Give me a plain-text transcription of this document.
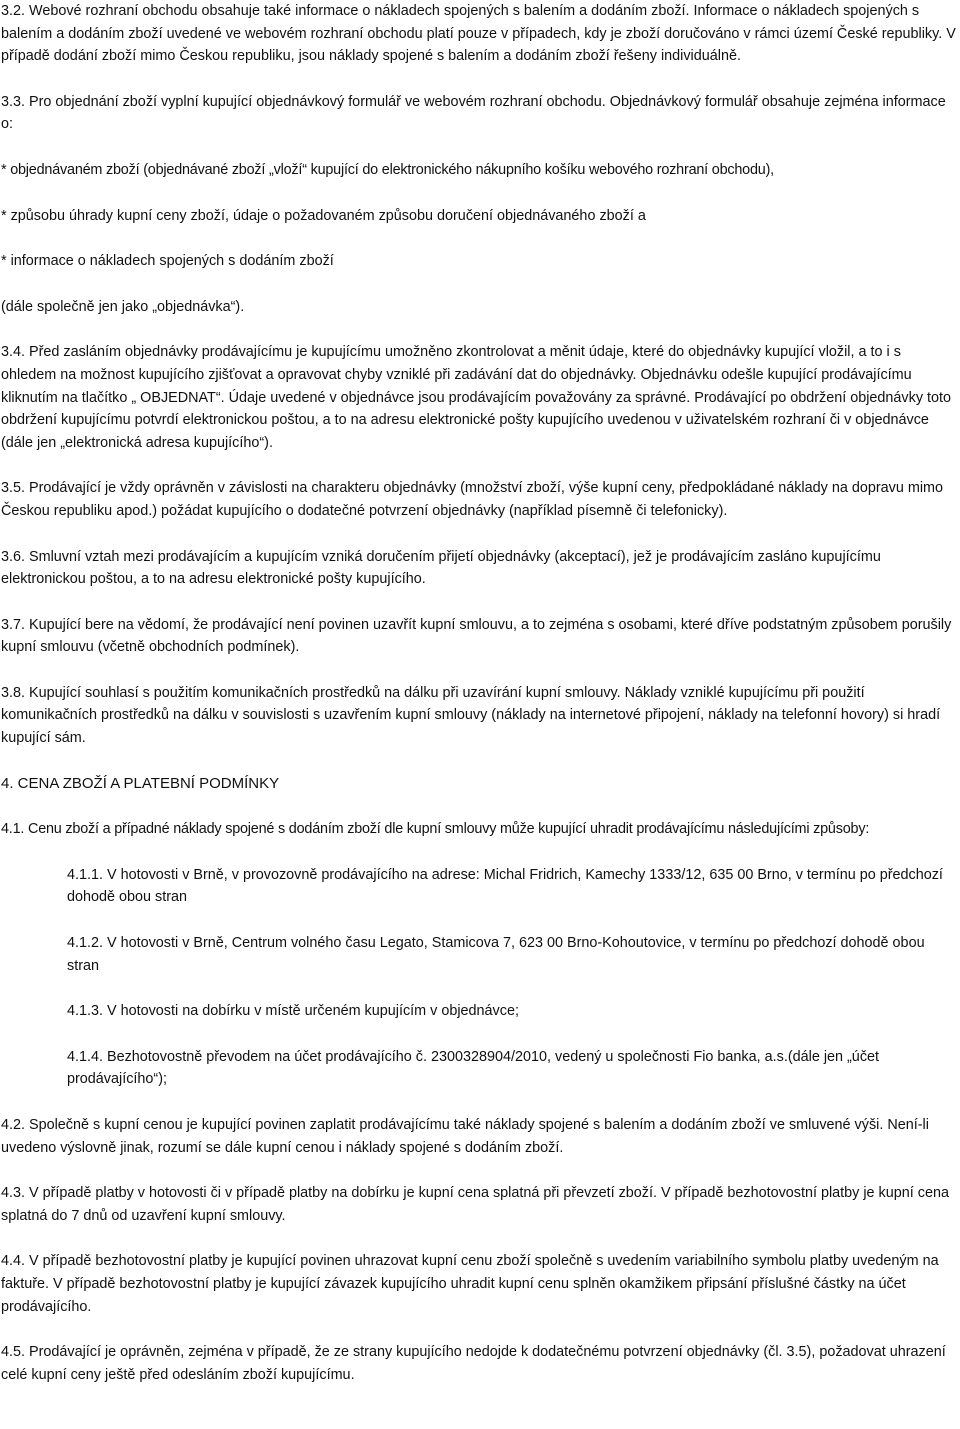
3.2. Webové rozhraní obchodu obsahuje také informace o nákladech spojených s balením a dodáním zboží. Informace o nákladech spojených s balením a dodáním zboží uvedené ve webovém rozhraní obchodu platí pouze v případech, kdy je zboží doručováno v rámci území České republiky. V případě dodání zboží mimo Českou republiku, jsou náklady spojené s balením a dodáním zboží řešeny individuálně.

3.3. Pro objednání zboží vyplní kupující objednávkový formulář ve webovém rozhraní obchodu. Objednávkový formulář obsahuje zejména informace o:

* objednávaném zboží (objednávané zboží „vloží“ kupující do elektronického nákupního košíku webového rozhraní obchodu),

* způsobu úhrady kupní ceny zboží, údaje o požadovaném způsobu doručení objednávaného zboží a

* informace o nákladech spojených s dodáním zboží

(dále společně jen jako „objednávka“).

3.4. Před zasláním objednávky prodávajícímu je kupujícímu umožněno zkontrolovat a měnit údaje, které do objednávky kupující vložil, a to i s ohledem na možnost kupujícího zjišťovat a opravovat chyby vzniklé při zadávání dat do objednávky. Objednávku odešle kupující prodávajícímu kliknutím na tlačítko „ OBJEDNAT“. Údaje uvedené v objednávce jsou prodávajícím považovány za správné. Prodávající po obdržení objednávky toto obdržení kupujícímu potvrdí elektronickou poštou, a to na adresu elektronické pošty kupujícího uvedenou v uživatelském rozhraní či v objednávce (dále jen „elektronická adresa kupujícího“).

3.5. Prodávající je vždy oprávněn v závislosti na charakteru objednávky (množství zboží, výše kupní ceny, předpokládané náklady na dopravu mimo Českou republiku apod.) požádat kupujícího o dodatečné potvrzení objednávky (například písemně či telefonicky).

3.6. Smluvní vztah mezi prodávajícím a kupujícím vzniká doručením přijetí objednávky (akceptací), jež je prodávajícím zasláno kupujícímu elektronickou poštou, a to na adresu elektronické pošty kupujícího.

3.7. Kupující bere na vědomí, že prodávající není povinen uzavřít kupní smlouvu, a to zejména s osobami, které dříve podstatným způsobem porušily kupní smlouvu (včetně obchodních podmínek).

3.8. Kupující souhlasí s použitím komunikačních prostředků na dálku při uzavírání kupní smlouvy. Náklady vzniklé kupujícímu při použití komunikačních prostředků na dálku v souvislosti s uzavřením kupní smlouvy (náklady na internetové připojení, náklady na telefonní hovory) si hradí kupující sám.

4. CENA ZBOŽÍ A PLATEBNÍ PODMÍNKY

4.1. Cenu zboží a případné náklady spojené s dodáním zboží dle kupní smlouvy může kupující uhradit prodávajícímu následujícími způsoby:

4.1.1. V hotovosti v Brně, v provozovně prodávajícího na adrese: Michal Fridrich, Kamechy 1333/12, 635 00 Brno, v termínu po předchozí dohodě obou stran

4.1.2. V hotovosti v Brně, Centrum volného času Legato, Stamicova 7, 623 00 Brno-Kohoutovice, v termínu po předchozí dohodě obou stran

4.1.3. V hotovosti na dobírku v místě určeném kupujícím v objednávce;

4.1.4. Bezhotovostně převodem na účet prodávajícího č. 2300328904/2010, vedený u společnosti Fio banka, a.s.(dále jen „účet prodávajícího“);

4.2. Společně s kupní cenou je kupující povinen zaplatit prodávajícímu také náklady spojené s balením a dodáním zboží ve smluvené výši. Není-li uvedeno výslovně jinak, rozumí se dále kupní cenou i náklady spojené s dodáním zboží.

4.3. V případě platby v hotovosti či v případě platby na dobírku je kupní cena splatná při převzetí zboží. V případě bezhotovostní platby je kupní cena splatná do 7 dnů od uzavření kupní smlouvy.

4.4. V případě bezhotovostní platby je kupující povinen uhrazovat kupní cenu zboží společně s uvedením variabilního symbolu platby uvedeným na faktuře. V případě bezhotovostní platby je kupující závazek kupujícího uhradit kupní cenu splněn okamžikem připsání příslušné částky na účet prodávajícího.

4.5. Prodávající je oprávněn, zejména v případě, že ze strany kupujícího nedojde k dodatečnému potvrzení objednávky (čl. 3.5), požadovat uhrazení celé kupní ceny ještě před odesláním zboží kupujícímu.
